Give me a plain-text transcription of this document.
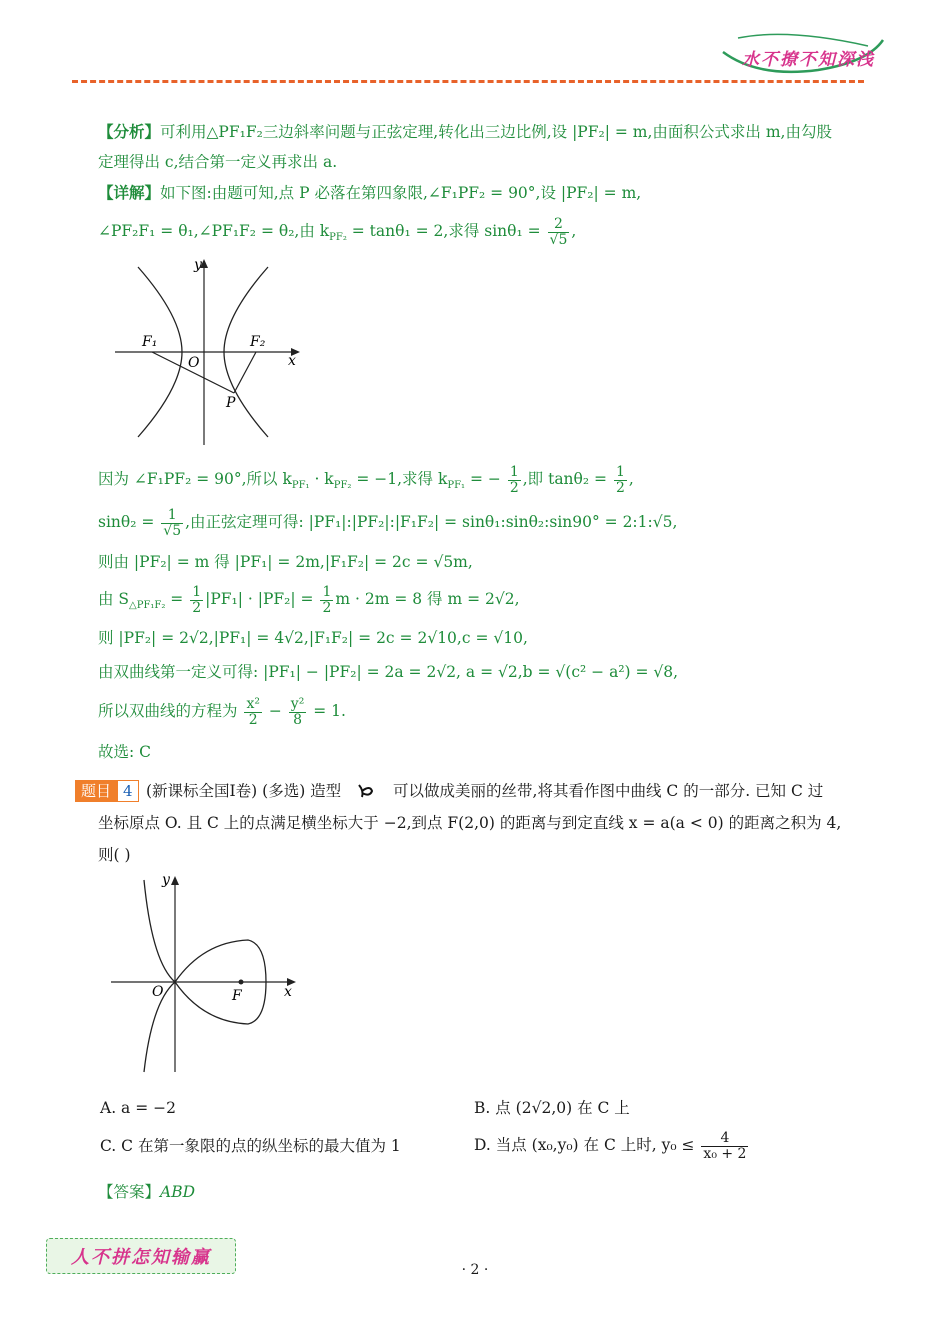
水不撩不知深浅
【分析】可利用△PF₁F₂三边斜率问题与正弦定理,转化出三边比例,设 |PF₂| = m,由面积公式求出 m,由勾股
定理得出 c,结合第一定义再求出 a.
【详解】如下图:由题可知,点 P 必落在第四象限,∠F₁PF₂ = 90°,设 |PF₂| = m,
∠PF₂F₁ = θ₁,∠PF₁F₂ = θ₂,由 $k_{PF_2} = \tan\theta_1 = 2$,求得 $\sin\theta_1 = \frac{2}{√5}$ ,
y
x
O
F₁	F₂
P
因为 ∠F₁PF₂ = 90°,所以 $k_{PF_1} \cdot k_{PF_2} = -1$,求得 $k_{PF_1}$ = − $\frac{1}{2}$ ,即 $\tan\theta_2 = \frac{1}{2}$ ,
$\sin\theta_2 = \frac{1}{√5}$ ,由正弦定理可得: |PF₁|:|PF₂|:|F₁F₂| = sinθ₁:sinθ₂:sin90° = 2:1:√5,
则由 |PF₂| = m 得 |PF₁| = 2m,|F₁F₂| = 2c = √5m,
由 $S_{\triangle PF_1F_2} = \frac{1}{2} |PF_1| \cdot |PF_2| = \frac{1}{2}$ m · 2m = 8 得 m = 2√2,
则 |PF₂| = 2√2,|PF₁| = 4√2,|F₁F₂| = 2c = 2√10,c = √10,
由双曲线第一定义可得: |PF₁| − |PF₂| = 2a = 2√2, a = √2,b = √(c² − a²) = √8,
所以双曲线的方程为 $\frac{\text{x²}}{2} - \frac{\text{y²}}{8} = 1$.
故选: C
题目 4 (新课标全国Ⅰ卷) (多选) 造型	可以做成美丽的丝带,将其看作图中曲线 C 的一部分. 已知 C 过
坐标原点 O. 且 C 上的点满足横坐标大于 −2,到点 F(2,0) 的距离与到定直线 x = a(a < 0) 的距离之积为 4,
则( )
y
x
O	F
A. a = −2	B. 点 (2√2,0) 在 C 上
C. C 在第一象限的点的纵坐标的最大值为 1	D. 当点 (x₀,y₀) 在 C 上时, $y_0 \le \frac{4}{\text{x₀ + 2}}$
【答案】ABD
人不拼怎知输赢
· 2 ·
